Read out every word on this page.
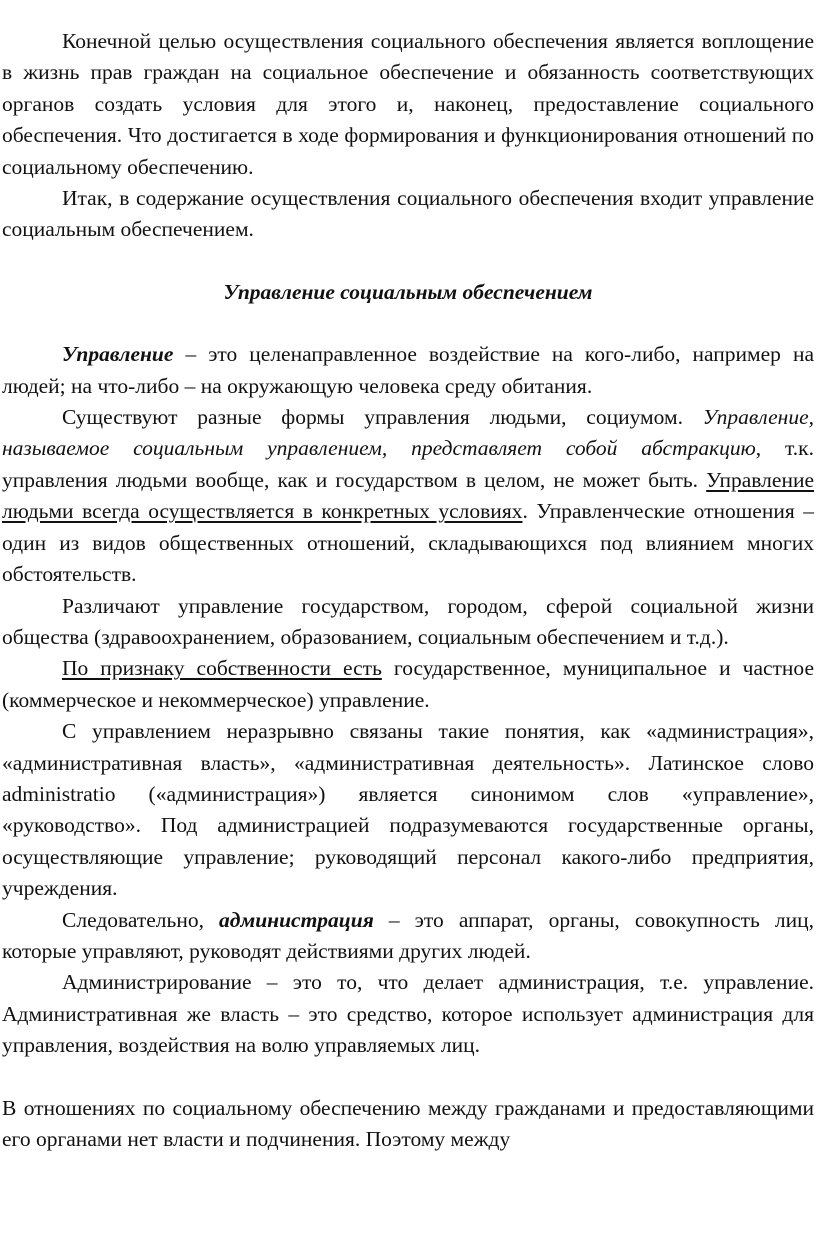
Конечной целью осуществления социального обеспечения является воплощение в жизнь прав граждан на социальное обеспечение и обязанность соответствующих органов создать условия для этого и, наконец, предоставление социального обеспечения. Что достигается в ходе формирования и функционирования отношений по социальному обеспечению.

Итак, в содержание осуществления социального обеспечения входит управление социальным обеспечением.

Управление социальным обеспечением

Управление – это целенаправленное воздействие на кого-либо, например на людей; на что-либо – на окружающую человека среду обитания.

Существуют разные формы управления людьми, социумом. Управление, называемое социальным управлением, представляет собой абстракцию, т.к. управления людьми вообще, как и государством в целом, не может быть. Управление людьми всегда осуществляется в конкретных условиях. Управленческие отношения – один из видов общественных отношений, складывающихся под влиянием многих обстоятельств.

Различают управление государством, городом, сферой социальной жизни общества (здравоохранением, образованием, социальным обеспечением и т.д.).

По признаку собственности есть государственное, муниципальное и частное (коммерческое и некоммерческое) управление.

С управлением неразрывно связаны такие понятия, как «администрация», «административная власть», «административная деятельность». Латинское слово administratio («администрация») является синонимом слов «управление», «руководство». Под администрацией подразумеваются государственные органы, осуществляющие управление; руководящий персонал какого-либо предприятия, учреждения.

Следовательно, администрация – это аппарат, органы, совокупность лиц, которые управляют, руководят действиями других людей.

Администрирование – это то, что делает администрация, т.е. управление. Административная же власть – это средство, которое использует администрация для управления, воздействия на волю управляемых лиц.

В отношениях по социальному обеспечению между гражданами и предоставляющими его органами нет власти и подчинения. Поэтому между
